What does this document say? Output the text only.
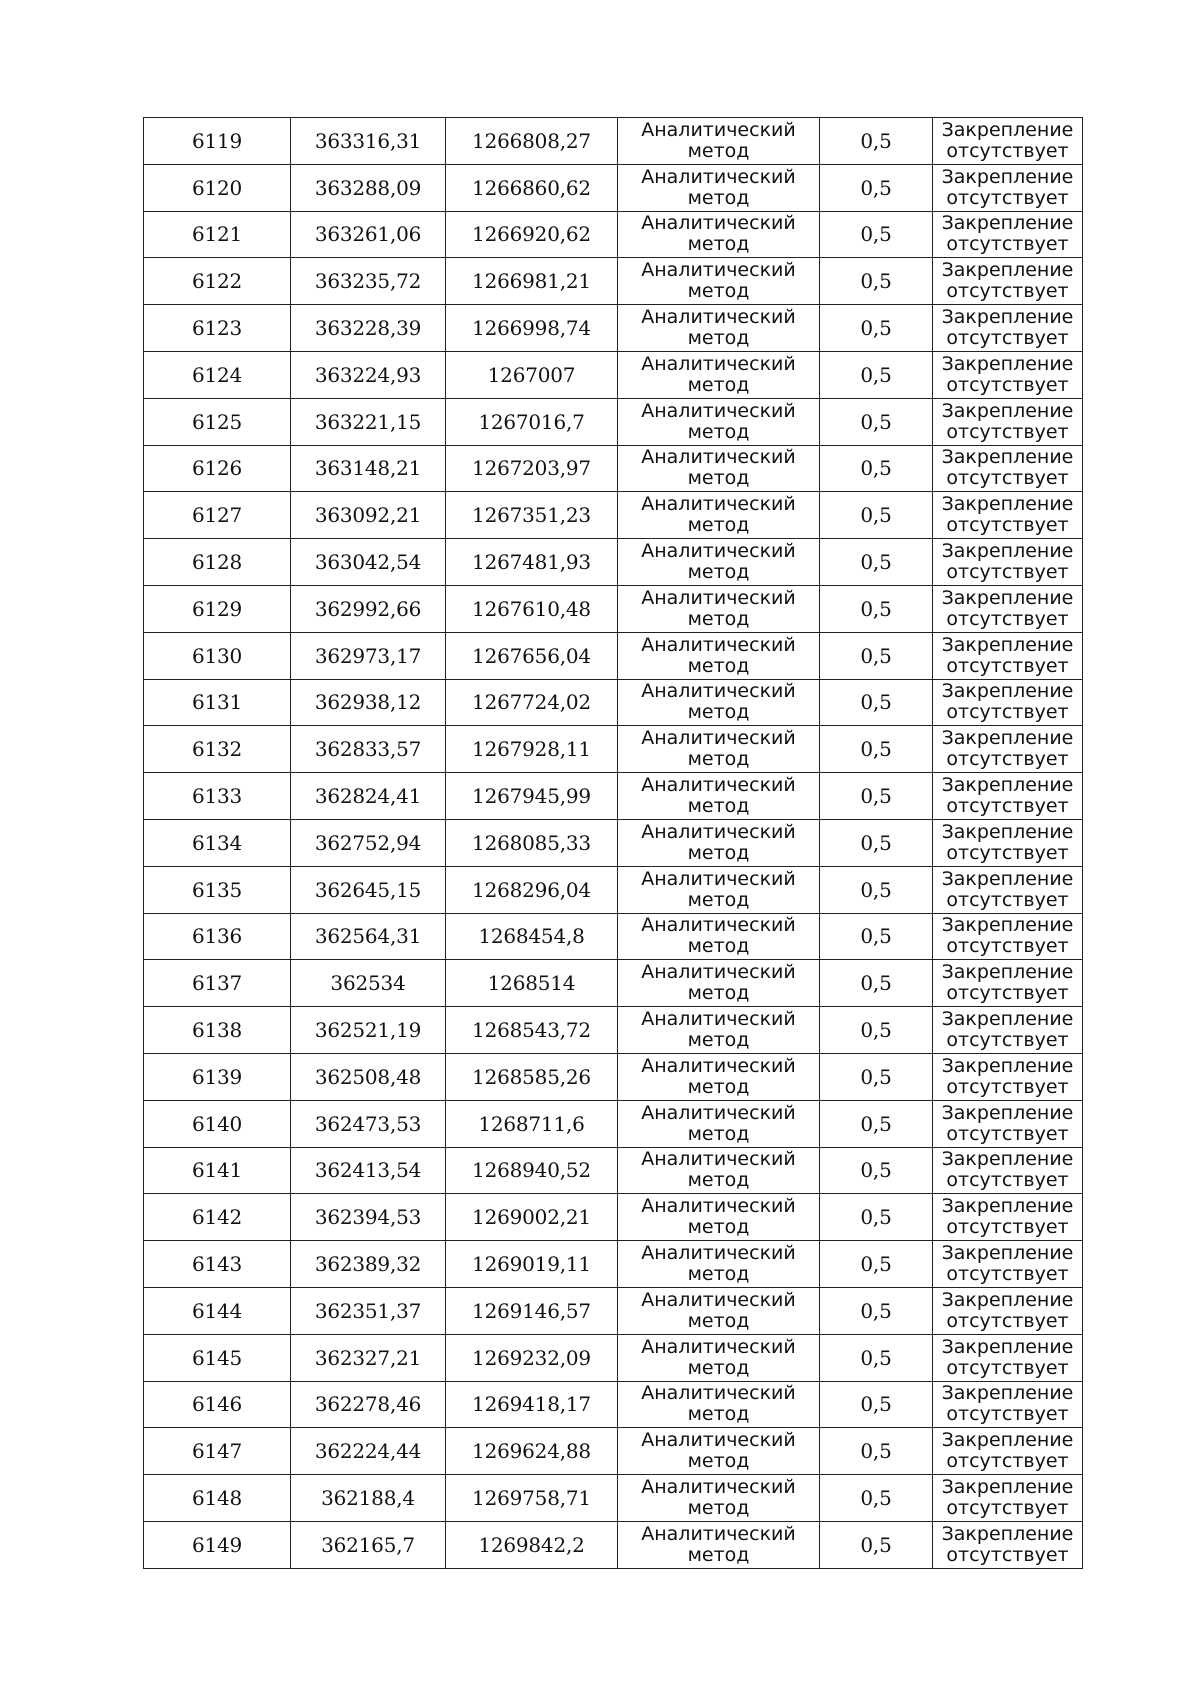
6119	363316,31	1266808,27	Аналитический
метод	0,5	Закрепление
отсутствует

6120	363288,09	1266860,62	Аналитический
метод	0,5	Закрепление
отсутствует

6121	363261,06	1266920,62	Аналитический
метод	0,5	Закрепление
отсутствует

6122	363235,72	1266981,21	Аналитический
метод	0,5	Закрепление
отсутствует

6123	363228,39	1266998,74	Аналитический
метод	0,5	Закрепление
отсутствует

6124	363224,93	1267007	Аналитический
метод	0,5	Закрепление
отсутствует

6125	363221,15	1267016,7	Аналитический
метод	0,5	Закрепление
отсутствует

6126	363148,21	1267203,97	Аналитический
метод	0,5	Закрепление
отсутствует

6127	363092,21	1267351,23	Аналитический
метод	0,5	Закрепление
отсутствует

6128	363042,54	1267481,93	Аналитический
метод	0,5	Закрепление
отсутствует

6129	362992,66	1267610,48	Аналитический
метод	0,5	Закрепление
отсутствует

6130	362973,17	1267656,04	Аналитический
метод	0,5	Закрепление
отсутствует

6131	362938,12	1267724,02	Аналитический
метод	0,5	Закрепление
отсутствует

6132	362833,57	1267928,11	Аналитический
метод	0,5	Закрепление
отсутствует

6133	362824,41	1267945,99	Аналитический
метод	0,5	Закрепление
отсутствует

6134	362752,94	1268085,33	Аналитический
метод	0,5	Закрепление
отсутствует

6135	362645,15	1268296,04	Аналитический
метод	0,5	Закрепление
отсутствует

6136	362564,31	1268454,8	Аналитический
метод	0,5	Закрепление
отсутствует

6137	362534	1268514	Аналитический
метод	0,5	Закрепление
отсутствует

6138	362521,19	1268543,72	Аналитический
метод	0,5	Закрепление
отсутствует

6139	362508,48	1268585,26	Аналитический
метод	0,5	Закрепление
отсутствует

6140	362473,53	1268711,6	Аналитический
метод	0,5	Закрепление
отсутствует

6141	362413,54	1268940,52	Аналитический
метод	0,5	Закрепление
отсутствует

6142	362394,53	1269002,21	Аналитический
метод	0,5	Закрепление
отсутствует

6143	362389,32	1269019,11	Аналитический
метод	0,5	Закрепление
отсутствует

6144	362351,37	1269146,57	Аналитический
метод	0,5	Закрепление
отсутствует

6145	362327,21	1269232,09	Аналитический
метод	0,5	Закрепление
отсутствует

6146	362278,46	1269418,17	Аналитический
метод	0,5	Закрепление
отсутствует

6147	362224,44	1269624,88	Аналитический
метод	0,5	Закрепление
отсутствует

6148	362188,4	1269758,71	Аналитический
метод	0,5	Закрепление
отсутствует

6149	362165,7	1269842,2	Аналитический
метод	0,5	Закрепление
отсутствует
